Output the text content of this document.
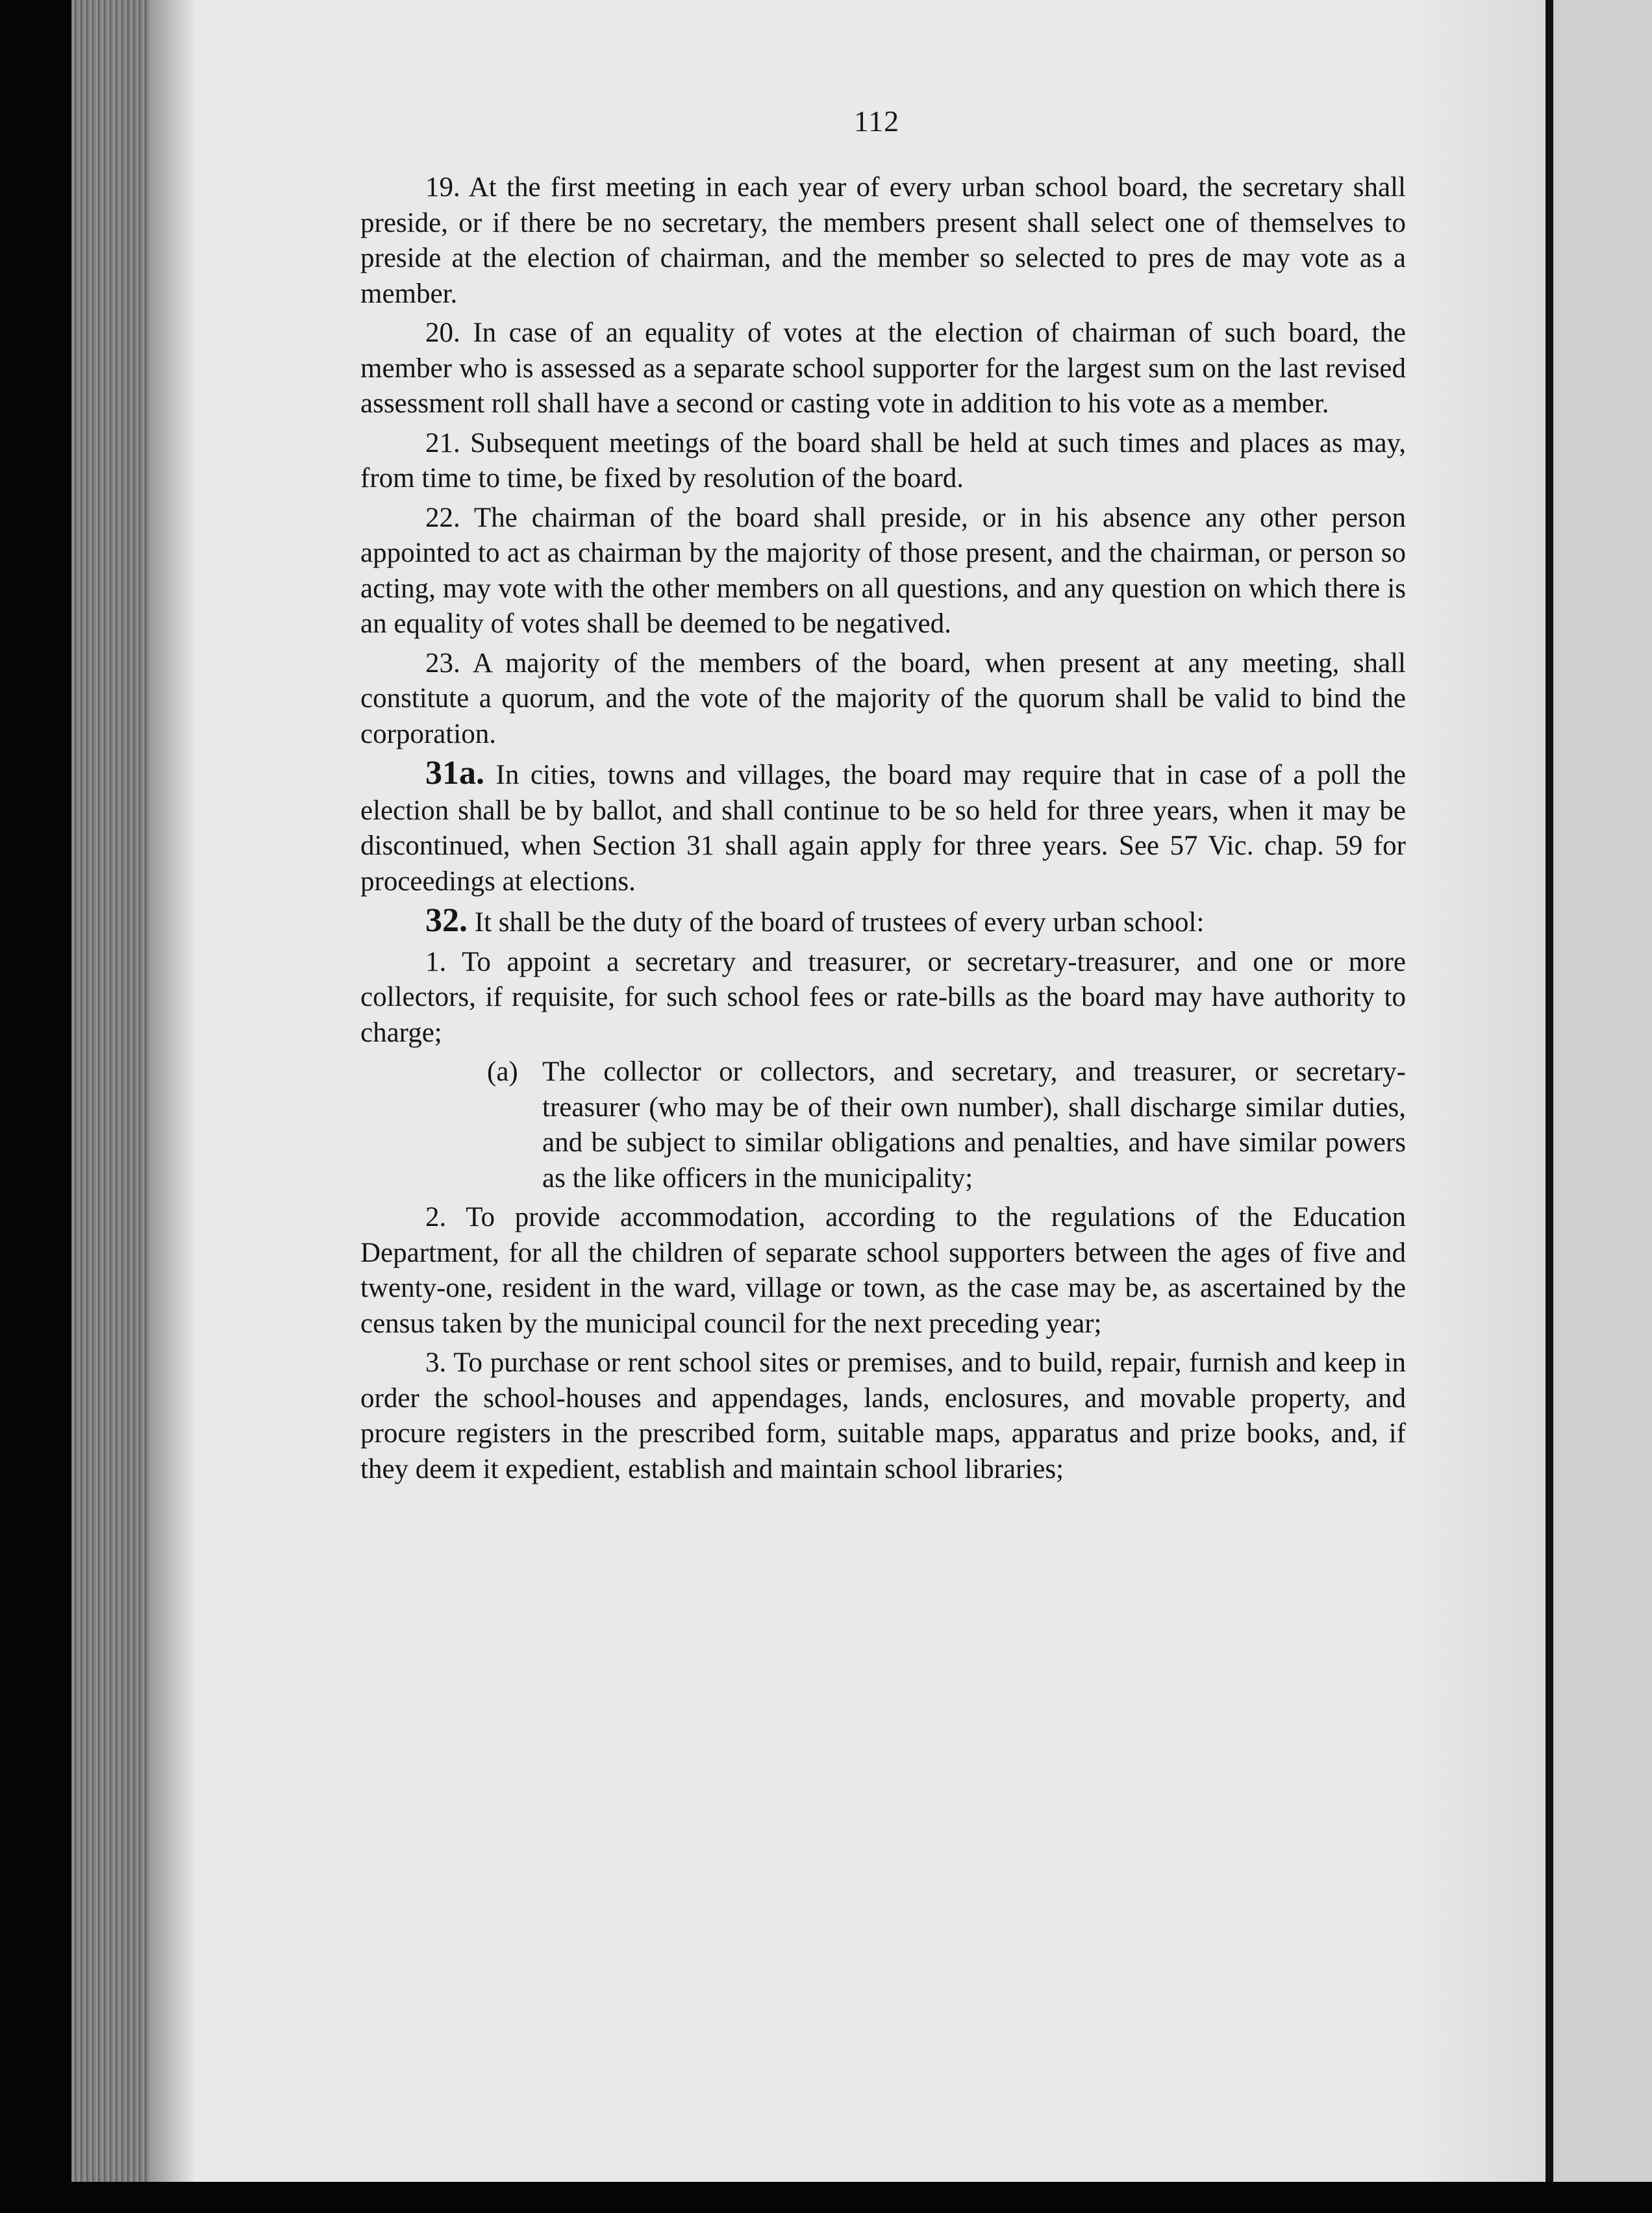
112

19. At the first meeting in each year of every urban school board, the secretary shall preside, or if there be no secretary, the members present shall select one of themselves to preside at the election of chairman, and the member so selected to pres de may vote as a member.

20. In case of an equality of votes at the election of chairman of such board, the member who is assessed as a separate school supporter for the largest sum on the last revised assessment roll shall have a second or casting vote in addition to his vote as a member.

21. Subsequent meetings of the board shall be held at such times and places as may, from time to time, be fixed by resolution of the board.

22. The chairman of the board shall preside, or in his absence any other person appointed to act as chairman by the majority of those present, and the chairman, or person so acting, may vote with the other members on all questions, and any question on which there is an equality of votes shall be deemed to be negatived.

23. A majority of the members of the board, when present at any meeting, shall constitute a quorum, and the vote of the majority of the quorum shall be valid to bind the corporation.

31a. In cities, towns and villages, the board may require that in case of a poll the election shall be by ballot, and shall continue to be so held for three years, when it may be discontinued, when Section 31 shall again apply for three years. See 57 Vic. chap. 59 for proceedings at elections.

32. It shall be the duty of the board of trustees of every urban school:

1. To appoint a secretary and treasurer, or secretary-treasurer, and one or more collectors, if requisite, for such school fees or rate-bills as the board may have authority to charge;

(a) The collector or collectors, and secretary, and treasurer, or secretary-treasurer (who may be of their own number), shall discharge similar duties, and be subject to similar obligations and penalties, and have similar powers as the like officers in the municipality;

2. To provide accommodation, according to the regulations of the Education Department, for all the children of separate school supporters between the ages of five and twenty-one, resident in the ward, village or town, as the case may be, as ascertained by the census taken by the municipal council for the next preceding year;

3. To purchase or rent school sites or premises, and to build, repair, furnish and keep in order the school-houses and appendages, lands, enclosures, and movable property, and procure registers in the prescribed form, suitable maps, apparatus and prize books, and, if they deem it expedient, establish and maintain school libraries;
